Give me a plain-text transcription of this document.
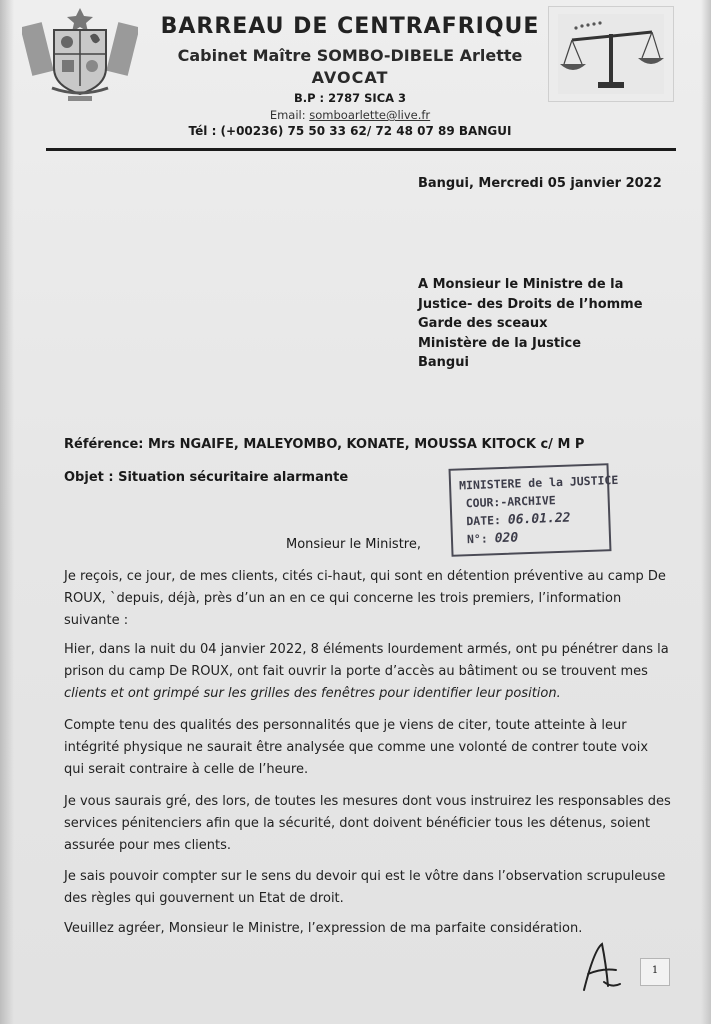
BARREAU DE CENTRAFRIQUE
Cabinet Maître SOMBO-DIBELE Arlette
AVOCAT
B.P : 2787 SICA 3
Email: somboarlette@live.fr
Tél : (+00236) 75 50 33 62/ 72 48 07 89 BANGUI
Bangui, Mercredi 05 janvier 2022
A Monsieur le Ministre de la
Justice- des Droits de l’homme
Garde des sceaux
Ministère de la Justice
Bangui
Référence: Mrs NGAIFE, MALEYOMBO, KONATE, MOUSSA KITOCK c/ M P
Objet : Situation sécuritaire alarmante	MINISTERE de la JUSTICE
COUR:-ARCHIVE
DATE: 06.01.22
N°: 020
Monsieur le Ministre,
Je reçois, ce jour, de mes clients, cités ci-haut, qui sont en détention préventive au camp De
ROUX, `depuis, déjà, près d’un an en ce qui concerne les trois premiers, l’information
suivante :
Hier, dans la nuit du 04 janvier 2022, 8 éléments lourdement armés, ont pu pénétrer dans la
prison du camp De ROUX, ont fait ouvrir la porte d’accès au bâtiment ou se trouvent mes
clients et ont grimpé sur les grilles des fenêtres pour identifier leur position.
Compte tenu des qualités des personnalités que je viens de citer, toute atteinte à leur
intégrité physique ne saurait être analysée que comme une volonté de contrer toute voix
qui serait contraire à celle de l’heure.
Je vous saurais gré, des lors, de toutes les mesures dont vous instruirez les responsables des
services pénitenciers afin que la sécurité, dont doivent bénéficier tous les détenus, soient
assurée pour mes clients.
Je sais pouvoir compter sur le sens du devoir qui est le vôtre dans l’observation scrupuleuse
des règles qui gouvernent un Etat de droit.
Veuillez agréer, Monsieur le Ministre, l’expression de ma parfaite considération.
1
